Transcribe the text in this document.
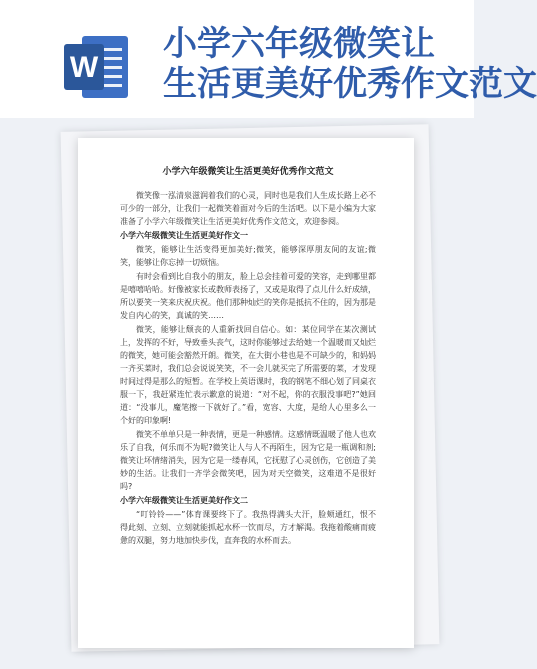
W
小学六年级微笑让
生活更美好优秀作文范文
小学六年级微笑让生活更美好优秀作文范文

微笑像一泓清泉滋润着我们的心灵，同时也是我们人生成长路上必不可少的一部分，让我们一起微笑着面对今后的生活吧。以下是小编为大家准备了小学六年级微笑让生活更美好优秀作文范文，欢迎参阅。

小学六年级微笑让生活更美好作文一

微笑，能够让生活变得更加美好;微笑，能够深厚朋友间的友谊;微笑，能够让你忘掉一切烦恼。

有时会看到比自我小的朋友，脸上总会挂着可爱的笑容，走到哪里都是嘻嘻哈哈。好像被家长或教师表扬了，又或是取得了点儿什么好成绩，所以要笑一笑来庆祝庆祝。他们那种灿烂的笑你是抵抗不住的，因为那是发自内心的笑，真诚的笑……

微笑，能够让颓丧的人重新找回自信心。如：某位同学在某次测试上，发挥的不好，导致垂头丧气，这时你能够过去给她一个温暖而又灿烂的微笑，她可能会豁然开朗。微笑，在大街小巷也是不可缺少的，和妈妈一齐买菜时，我们总会说说笑笑，不一会儿就买完了所需要的菜，才发现时间过得是那么的短暂。在学校上英语课时，我的钢笔不细心划了同桌衣服一下，我赶紧连忙表示歉意的说道：“对不起，你的衣服没事吧?”她回道：“没事儿，魔笔擦一下就好了。”看，宽容、大度，是给人心里多么一个好的印象啊!

微笑不单单只是一种表情，更是一种感情。这感情既温暖了他人也欢乐了自我，何乐而不为呢?微笑让人与人不再陌生，因为它是一瓶调和剂;微笑让坏情绪消失，因为它是一缕春风，它抚慰了心灵创伤，它创造了美妙的生活。让我们一齐学会微笑吧，因为对天空微笑，这难道不是很好吗?

小学六年级微笑让生活更美好作文二

“叮铃铃——”体育课要终下了。我热得满头大汗，脸颊通红，恨不得此刻、立刻、立刻就能抓起水杯一饮而尽，方才解渴。我拖着酸痛而疲惫的双腿，努力地加快步伐，直奔我的水杯而去。
